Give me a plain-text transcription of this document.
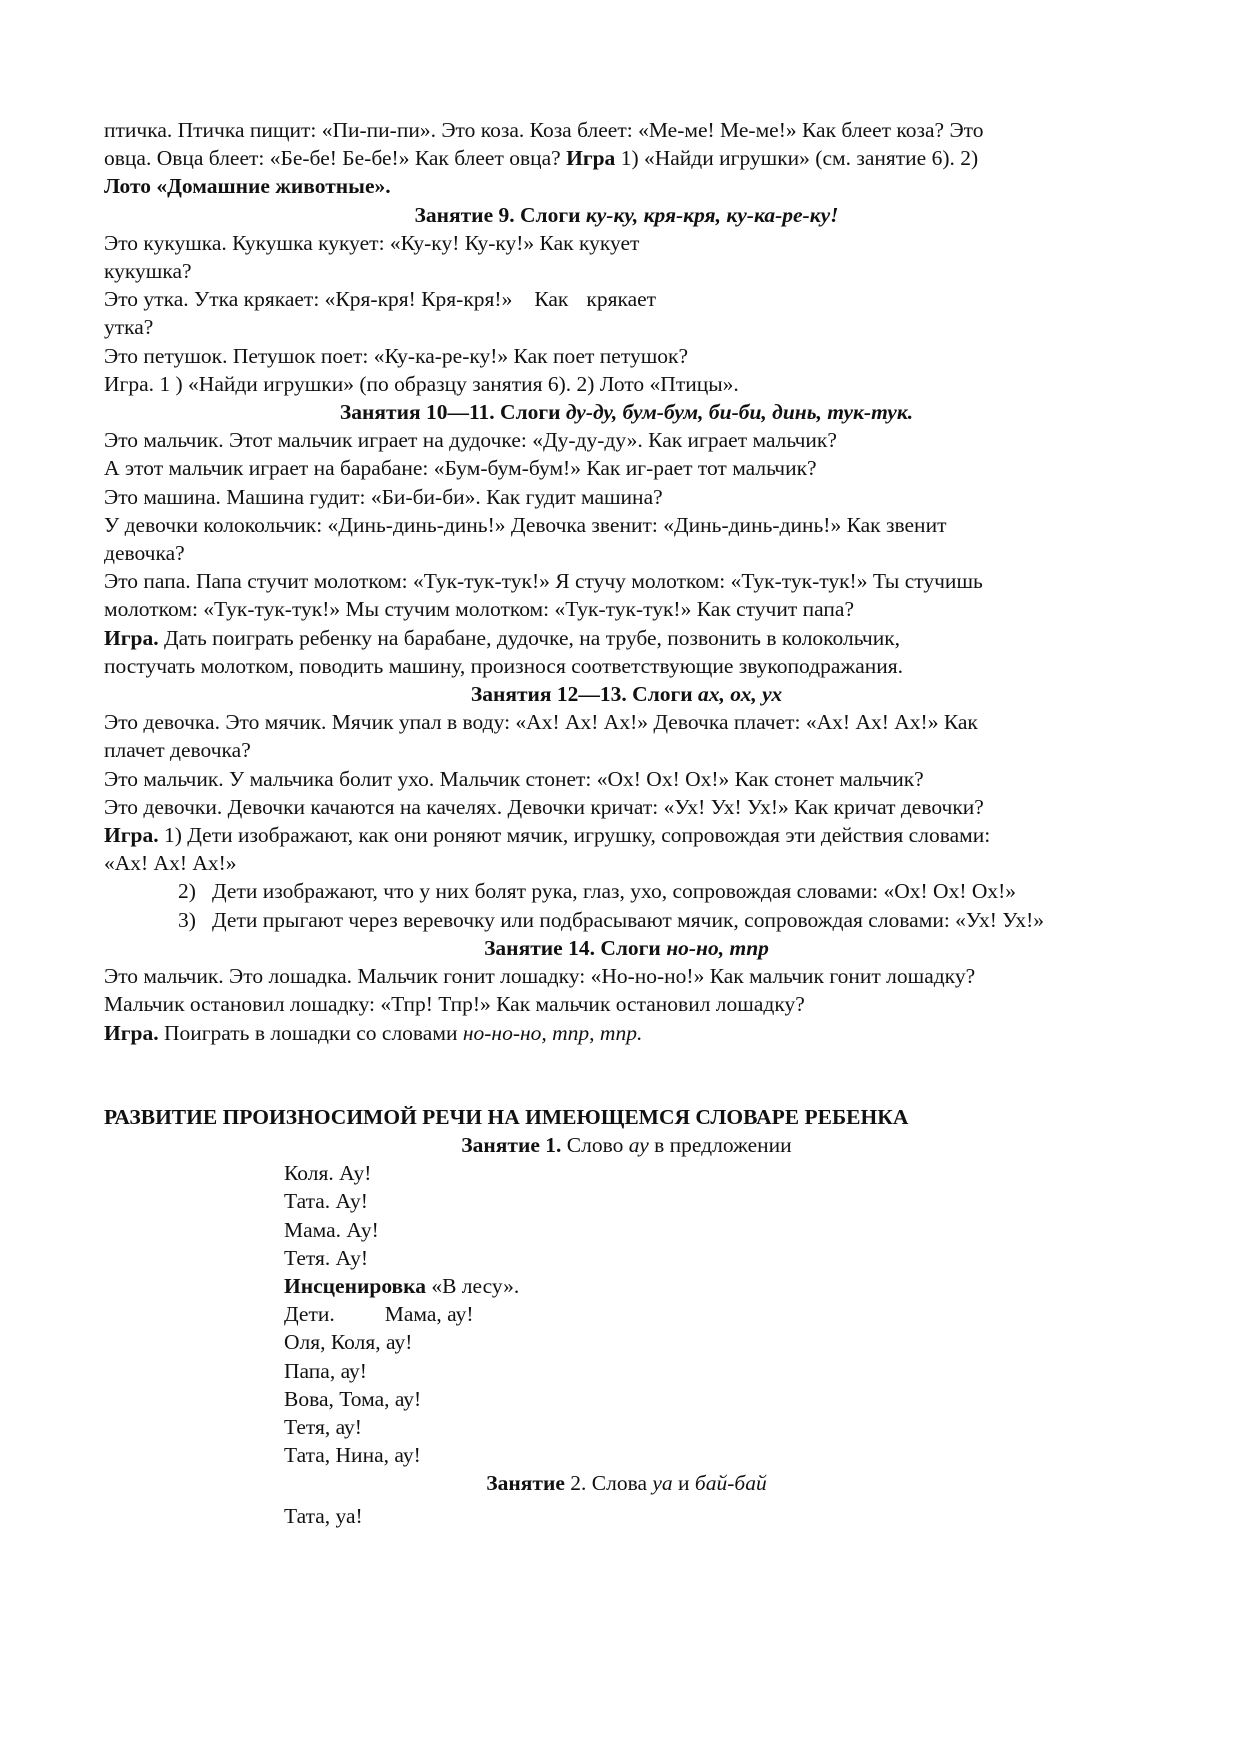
птичка. Птичка пищит: «Пи-пи-пи». Это коза. Коза блеет: «Ме-ме! Ме-ме!» Как блеет коза? Это

овца. Овца блеет: «Бе-бе! Бе-бе!» Как блеет овца? Игра 1) «Найди игрушки» (см. занятие 6). 2)

Лото «Домашние животные».

Занятие 9. Слоги ку-ку, кря-кря, ку-ка-ре-ку!

Это кукушка. Кукушка кукует: «Ку-ку! Ку-ку!» Как кукует

кукушка?

Это утка. Утка крякает: «Кря-кря! Кря-кря!» Как крякает

утка?

Это петушок. Петушок поет: «Ку-ка-ре-ку!» Как поет петушок?

Игра. 1 ) «Найди игрушки» (по образцу занятия 6). 2) Лото «Птицы».

Занятия 10—11. Слоги ду-ду, бум-бум, би-би, динь, тук-тук.

Это мальчик. Этот мальчик играет на дудочке: «Ду-ду-ду». Как играет мальчик?

А этот мальчик играет на барабане: «Бум-бум-бум!» Как иг-рает тот мальчик?

Это машина. Машина гудит: «Би-би-би». Как гудит машина?

У девочки колокольчик: «Динь-динь-динь!» Девочка звенит: «Динь-динь-динь!» Как звенит

девочка?

Это папа. Папа стучит молотком: «Тук-тук-тук!» Я стучу молотком: «Тук-тук-тук!» Ты стучишь

молотком: «Тук-тук-тук!» Мы стучим молотком: «Тук-тук-тук!» Как стучит папа?

Игра. Дать поиграть ребенку на барабане, дудочке, на трубе, позвонить в колокольчик,

постучать молотком, поводить машину, произнося соответствующие звукоподражания.

Занятия 12—13. Слоги ах, ох, ух

Это девочка. Это мячик. Мячик упал в воду: «Ах! Ах! Ах!» Девочка плачет: «Ах! Ах! Ах!» Как

плачет девочка?

Это мальчик. У мальчика болит ухо. Мальчик стонет: «Ох! Ох! Ох!» Как стонет мальчик?

Это девочки. Девочки качаются на качелях. Девочки кричат: «Ух! Ух! Ух!» Как кричат девочки?

Игра. 1) Дети изображают, как они роняют мячик, игрушку, сопровождая эти действия словами:

«Ах! Ах! Ах!»

2) Дети изображают, что у них болят рука, глаз, ухо, сопровождая словами: «Ох! Ох! Ох!»
3) Дети прыгают через веревочку или подбрасывают мячик, сопровождая словами: «Ух! Ух!»

Занятие 14. Слоги но-но, тпр

Это мальчик. Это лошадка. Мальчик гонит лошадку: «Но-но-но!» Как мальчик гонит лошадку?

Мальчик остановил лошадку: «Тпр! Тпр!» Как мальчик остановил лошадку?

Игра. Поиграть в лошадки со словами но-но-но, тпр, тпр.

РАЗВИТИЕ ПРОИЗНОСИМОЙ РЕЧИ НА ИМЕЮЩЕМСЯ СЛОВАРЕ РЕБЕНКА

Занятие 1. Слово ау в предложении

Коля. Ау!

Тата. Ау!

Мама. Ау!

Тетя. Ау!

Инсценировка «В лесу».

Дети. Мама, ау!

Оля, Коля, ау!

Папа, ау!

Вова, Тома, ау!

Тетя, ау!

Тата, Нина, ау!

Занятие 2. Слова уа и бай-бай

Тата, уа!
